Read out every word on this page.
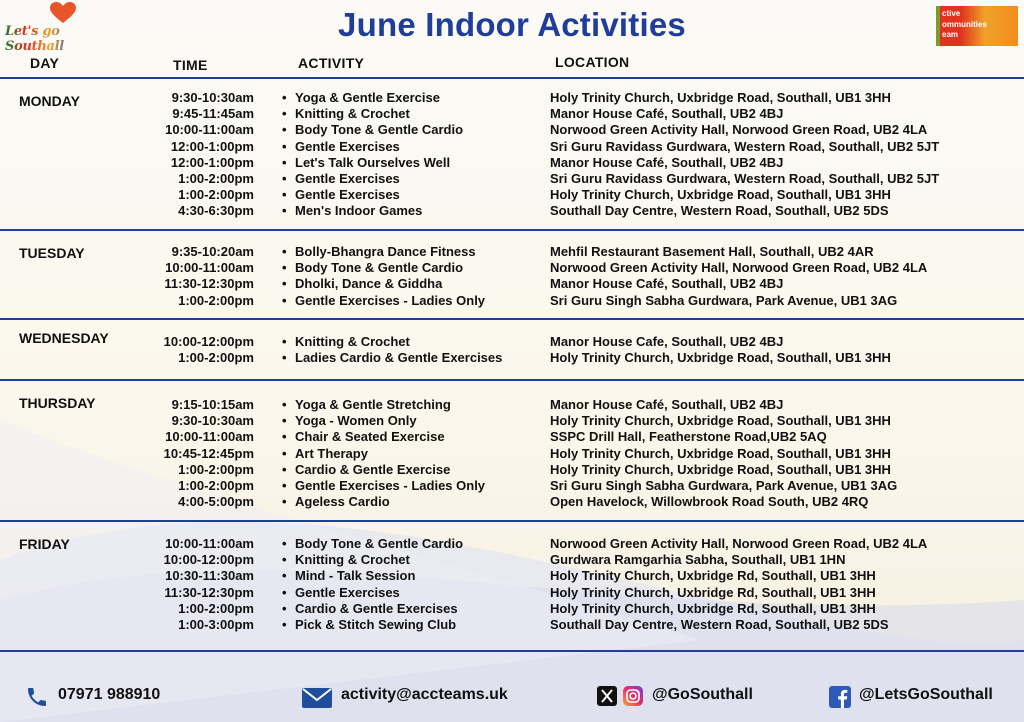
Let's go Southall
June Indoor Activities	ctive
ommunities
eam
DAY	TIME	ACTIVITY	LOCATION
MONDAY	9:30-10:30am • Yoga & Gentle Exercise	Holy Trinity Church, Uxbridge Road, Southall, UB1 3HH
9:45-11:45am • Knitting & Crochet	Manor House Café, Southall, UB2 4BJ
10:00-11:00am • Body Tone & Gentle Cardio	Norwood Green Activity Hall, Norwood Green Road, UB2 4LA
12:00-1:00pm • Gentle Exercises	Sri Guru Ravidass Gurdwara, Western Road, Southall, UB2 5JT
12:00-1:00pm • Let's Talk Ourselves Well	Manor House Café, Southall, UB2 4BJ
1:00-2:00pm • Gentle Exercises	Sri Guru Ravidass Gurdwara, Western Road, Southall, UB2 5JT
1:00-2:00pm • Gentle Exercises	Holy Trinity Church, Uxbridge Road, Southall, UB1 3HH
4:30-6:30pm • Men's Indoor Games	Southall Day Centre, Western Road, Southall, UB2 5DS
TUESDAY	9:35-10:20am • Bolly-Bhangra Dance Fitness	Mehfil Restaurant Basement Hall, Southall, UB2 4AR
10:00-11:00am • Body Tone & Gentle Cardio	Norwood Green Activity Hall, Norwood Green Road, UB2 4LA
11:30-12:30pm • Dholki, Dance & Giddha	Manor House Café, Southall, UB2 4BJ
1:00-2:00pm • Gentle Exercises - Ladies Only	Sri Guru Singh Sabha Gurdwara, Park Avenue, UB1 3AG
WEDNESDAY	10:00-12:00pm • Knitting & Crochet	Manor House Cafe, Southall, UB2 4BJ
1:00-2:00pm • Ladies Cardio & Gentle Exercises	Holy Trinity Church, Uxbridge Road, Southall, UB1 3HH
THURSDAY	9:15-10:15am • Yoga & Gentle Stretching	Manor House Café, Southall, UB2 4BJ
9:30-10:30am • Yoga - Women Only	Holy Trinity Church, Uxbridge Road, Southall, UB1 3HH
10:00-11:00am • Chair & Seated Exercise	SSPC Drill Hall, Featherstone Road,UB2 5AQ
10:45-12:45pm • Art Therapy	Holy Trinity Church, Uxbridge Road, Southall, UB1 3HH
1:00-2:00pm • Cardio & Gentle Exercise	Holy Trinity Church, Uxbridge Road, Southall, UB1 3HH
1:00-2:00pm • Gentle Exercises - Ladies Only	Sri Guru Singh Sabha Gurdwara, Park Avenue, UB1 3AG
4:00-5:00pm • Ageless Cardio	Open Havelock, Willowbrook Road South, UB2 4RQ
FRIDAY	10:00-11:00am • Body Tone & Gentle Cardio	Norwood Green Activity Hall, Norwood Green Road, UB2 4LA
10:00-12:00pm • Knitting & Crochet	Gurdwara Ramgarhia Sabha, Southall, UB1 1HN
10:30-11:30am • Mind - Talk Session	Holy Trinity Church, Uxbridge Rd, Southall, UB1 3HH
11:30-12:30pm • Gentle Exercises	Holy Trinity Church, Uxbridge Rd, Southall, UB1 3HH
1:00-2:00pm • Cardio & Gentle Exercises	Holy Trinity Church, Uxbridge Rd, Southall, UB1 3HH
1:00-3:00pm • Pick & Stitch Sewing Club	Southall Day Centre, Western Road, Southall, UB2 5DS
07971 988910	activity@accteams.uk	@GoSouthall	@LetsGoSouthall
